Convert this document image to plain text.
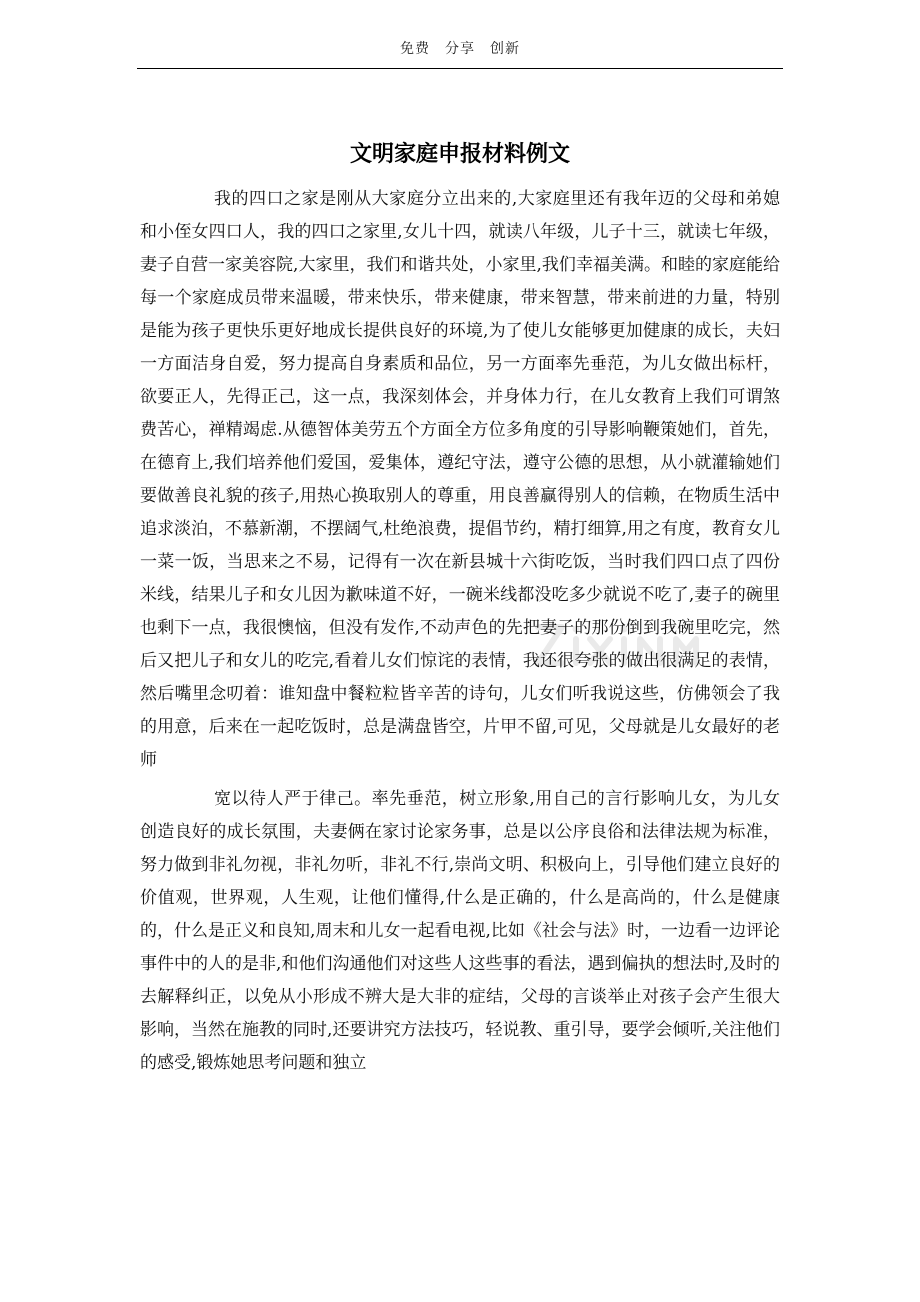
免费　分享　创新
文明家庭申报材料例文

我的四口之家是刚从大家庭分立出来的,大家庭里还有我年迈的父母和弟媳和小侄女四口人，我的四口之家里,女儿十四，就读八年级，儿子十三，就读七年级，妻子自营一家美容院,大家里，我们和谐共处，小家里,我们幸福美满。和睦的家庭能给每一个家庭成员带来温暖，带来快乐，带来健康，带来智慧，带来前进的力量，特别是能为孩子更快乐更好地成长提供良好的环境,为了使儿女能够更加健康的成长，夫妇一方面洁身自爱，努力提高自身素质和品位，另一方面率先垂范，为儿女做出标杆，欲要正人，先得正己，这一点，我深刻体会，并身体力行，在儿女教育上我们可谓煞费苦心，禅精竭虑.从德智体美劳五个方面全方位多角度的引导影响鞭策她们，首先，在德育上,我们培养他们爱国，爱集体，遵纪守法，遵守公德的思想，从小就灌输她们要做善良礼貌的孩子,用热心换取别人的尊重，用良善赢得别人的信赖，在物质生活中追求淡泊，不慕新潮，不摆阔气,杜绝浪费，提倡节约，精打细算,用之有度，教育女儿一菜一饭，当思来之不易，记得有一次在新县城十六街吃饭，当时我们四口点了四份米线，结果儿子和女儿因为歉味道不好，一碗米线都没吃多少就说不吃了,妻子的碗里也剩下一点，我很懊恼，但没有发作,不动声色的先把妻子的那份倒到我碗里吃完，然后又把儿子和女儿的吃完,看着儿女们惊诧的表情，我还很夸张的做出很满足的表情，然后嘴里念叨着：谁知盘中餐粒粒皆辛苦的诗句，儿女们听我说这些，仿佛领会了我的用意，后来在一起吃饭时，总是满盘皆空，片甲不留,可见，父母就是儿女最好的老师

宽以待人严于律己。率先垂范，树立形象,用自己的言行影响儿女，为儿女创造良好的成长氛围，夫妻俩在家讨论家务事，总是以公序良俗和法律法规为标准，努力做到非礼勿视，非礼勿听，非礼不行,崇尚文明、积极向上，引导他们建立良好的价值观，世界观，人生观，让他们懂得,什么是正确的，什么是高尚的，什么是健康的，什么是正义和良知,周末和儿女一起看电视,比如《社会与法》时，一边看一边评论事件中的人的是非,和他们沟通他们对这些人这些事的看法，遇到偏执的想法时,及时的去解释纠正，以免从小形成不辨大是大非的症结，父母的言谈举止对孩子会产生很大影响，当然在施教的同时,还要讲究方法技巧，轻说教、重引导，要学会倾听,关注他们的感受,锻炼她思考问题和独立
